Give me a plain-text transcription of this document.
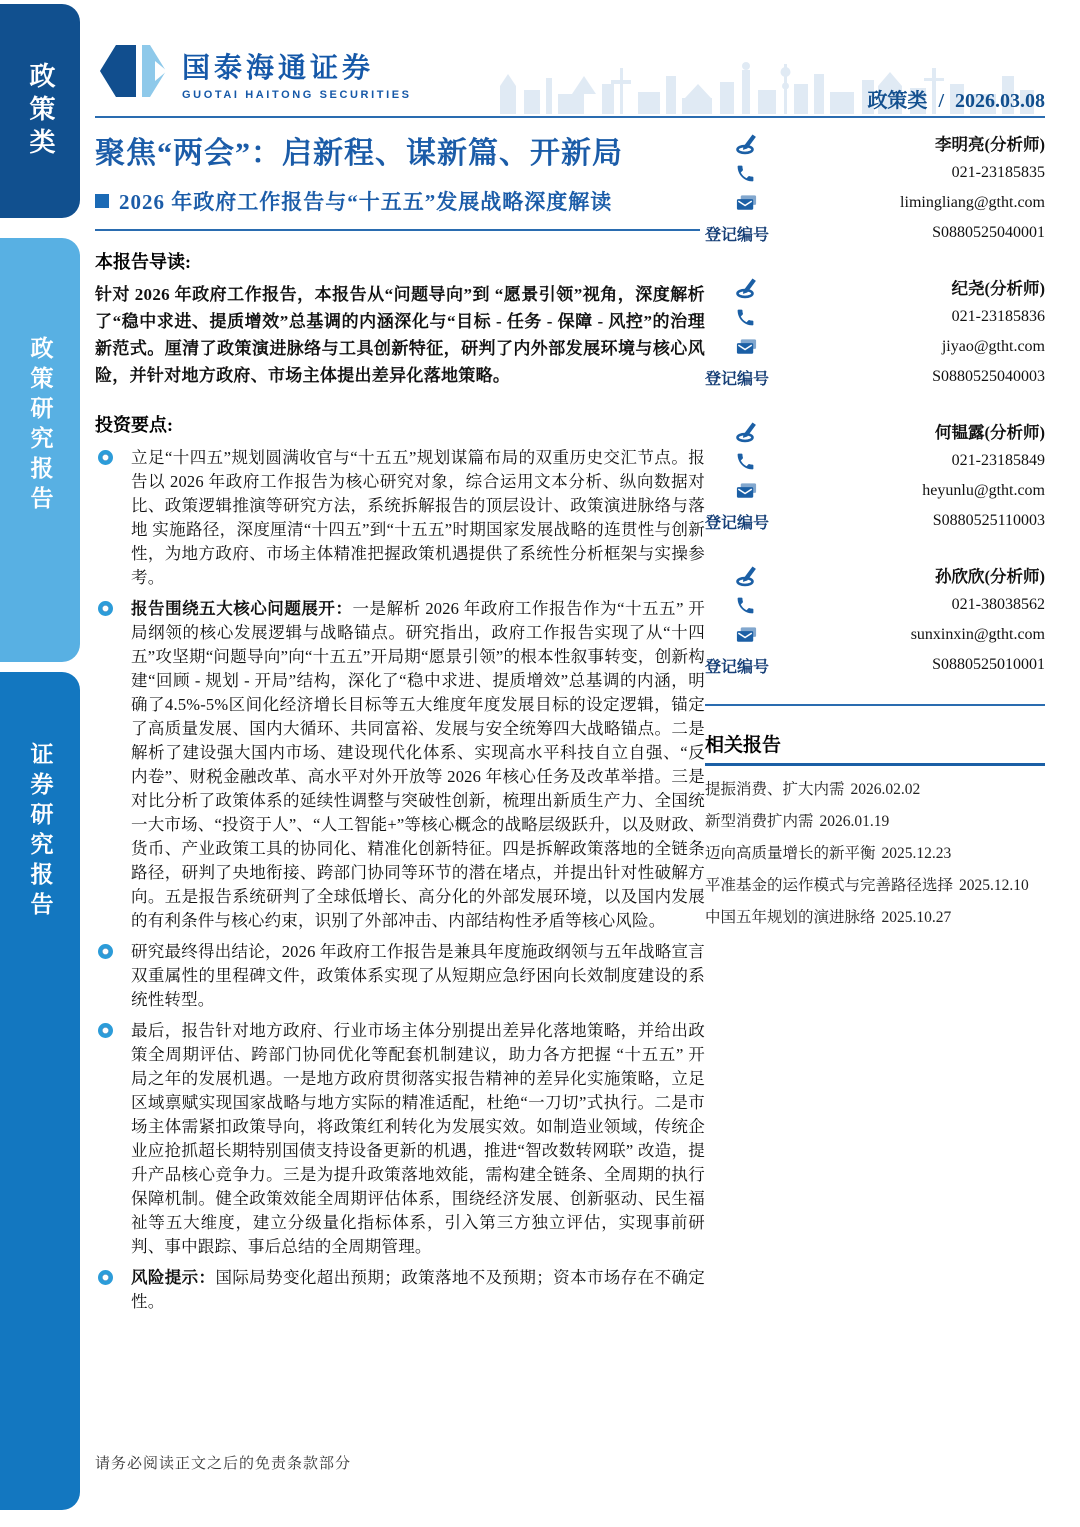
政策类
政策研究报告
证券研究报告
国泰海通证券
GUOTAI HAITONG SECURITIES	政策类 / 2026.03.08
聚焦“两会”：启新程、谋新篇、开新局
2026 年政府工作报告与“十五五”发展战略深度解读
本报告导读:

针对 2026 年政府工作报告，本报告从“问题导向”到 “愿景引领”视角，深度解析了“稳中求进、提质增效”总基调的内涵深化与“目标 - 任务 - 保障 - 风控”的治理新范式。厘清了政策演进脉络与工具创新特征，研判了内外部发展环境与核心风险，并针对地方政府、市场主体提出差异化落地策略。

投资要点:

立足“十四五”规划圆满收官与“十五五”规划谋篇布局的双重历史交汇节点。报告以 2026 年政府工作报告为核心研究对象，综合运用文本分析、纵向数据对比、政策逻辑推演等研究方法，系统拆解报告的顶层设计、政策演进脉络与落地 实施路径，深度厘清“十四五”到“十五五”时期国家发展战略的连贯性与创新性，为地方政府、市场主体精准把握政策机遇提供了系统性分析框架与实操参考。

报告围绕五大核心问题展开：一是解析 2026 年政府工作报告作为“十五五” 开局纲领的核心发展逻辑与战略锚点。研究指出，政府工作报告实现了从“十四五”攻坚期“问题导向”向“十五五”开局期“愿景引领”的根本性叙事转变，创新构建“回顾 - 规划 - 开局”结构，深化了“稳中求进、提质增效”总基调的内涵，明确了4.5%-5%区间化经济增长目标等五大维度年度发展目标的设定逻辑，锚定了高质量发展、国内大循环、共同富裕、发展与安全统筹四大战略锚点。二是解析了建设强大国内市场、建设现代化体系、实现高水平科技自立自强、“反内卷”、财税金融改革、高水平对外开放等 2026 年核心任务及改革举措。三是对比分析了政策体系的延续性调整与突破性创新，梳理出新质生产力、全国统一大市场、“投资于人”、“人工智能+”等核心概念的战略层级跃升，以及财政、货币、产业政策工具的协同化、精准化创新特征。四是拆解政策落地的全链条路径，研判了央地衔接、跨部门协同等环节的潜在堵点，并提出针对性破解方向。五是报告系统研判了全球低增长、高分化的外部发展环境，以及国内发展的有利条件与核心约束，识别了外部冲击、内部结构性矛盾等核心风险。

研究最终得出结论，2026 年政府工作报告是兼具年度施政纲领与五年战略宣言双重属性的里程碑文件，政策体系实现了从短期应急纾困向长效制度建设的系统性转型。

最后，报告针对地方政府、行业市场主体分别提出差异化落地策略，并给出政策全周期评估、跨部门协同优化等配套机制建议，助力各方把握 “十五五” 开局之年的发展机遇。一是地方政府贯彻落实报告精神的差异化实施策略，立足区域禀赋实现国家战略与地方实际的精准适配，杜绝“一刀切”式执行。二是市场主体需紧扣政策导向，将政策红利转化为发展实效。如制造业领域，传统企业应抢抓超长期特别国债支持设备更新的机遇，推进“智改数转网联” 改造，提升产品核心竞争力。三是为提升政策落地效能，需构建全链条、全周期的执行保障机制。健全政策效能全周期评估体系，围绕经济发展、创新驱动、民生福祉等五大维度，建立分级量化指标体系，引入第三方独立评估，实现事前研判、事中跟踪、事后总结的全周期管理。

风险提示：国际局势变化超出预期；政策落地不及预期；资本市场存在不确定性。

李明亮(分析师)
021-23185835
limingliang@gtht.com
登记编号	S0880525040001
纪尧(分析师)
021-23185836
jiyao@gtht.com
登记编号	S0880525040003
何韫露(分析师)
021-23185849
heyunlu@gtht.com
登记编号	S0880525110003
孙欣欣(分析师)
021-38038562
sunxinxin@gtht.com
登记编号	S0880525010001
相关报告
提振消费、扩大内需 2026.02.02
新型消费扩内需 2026.01.19
迈向高质量增长的新平衡 2025.12.23
平准基金的运作模式与完善路径选择 2025.12.10
中国五年规划的演进脉络 2025.10.27
请务必阅读正文之后的免责条款部分
